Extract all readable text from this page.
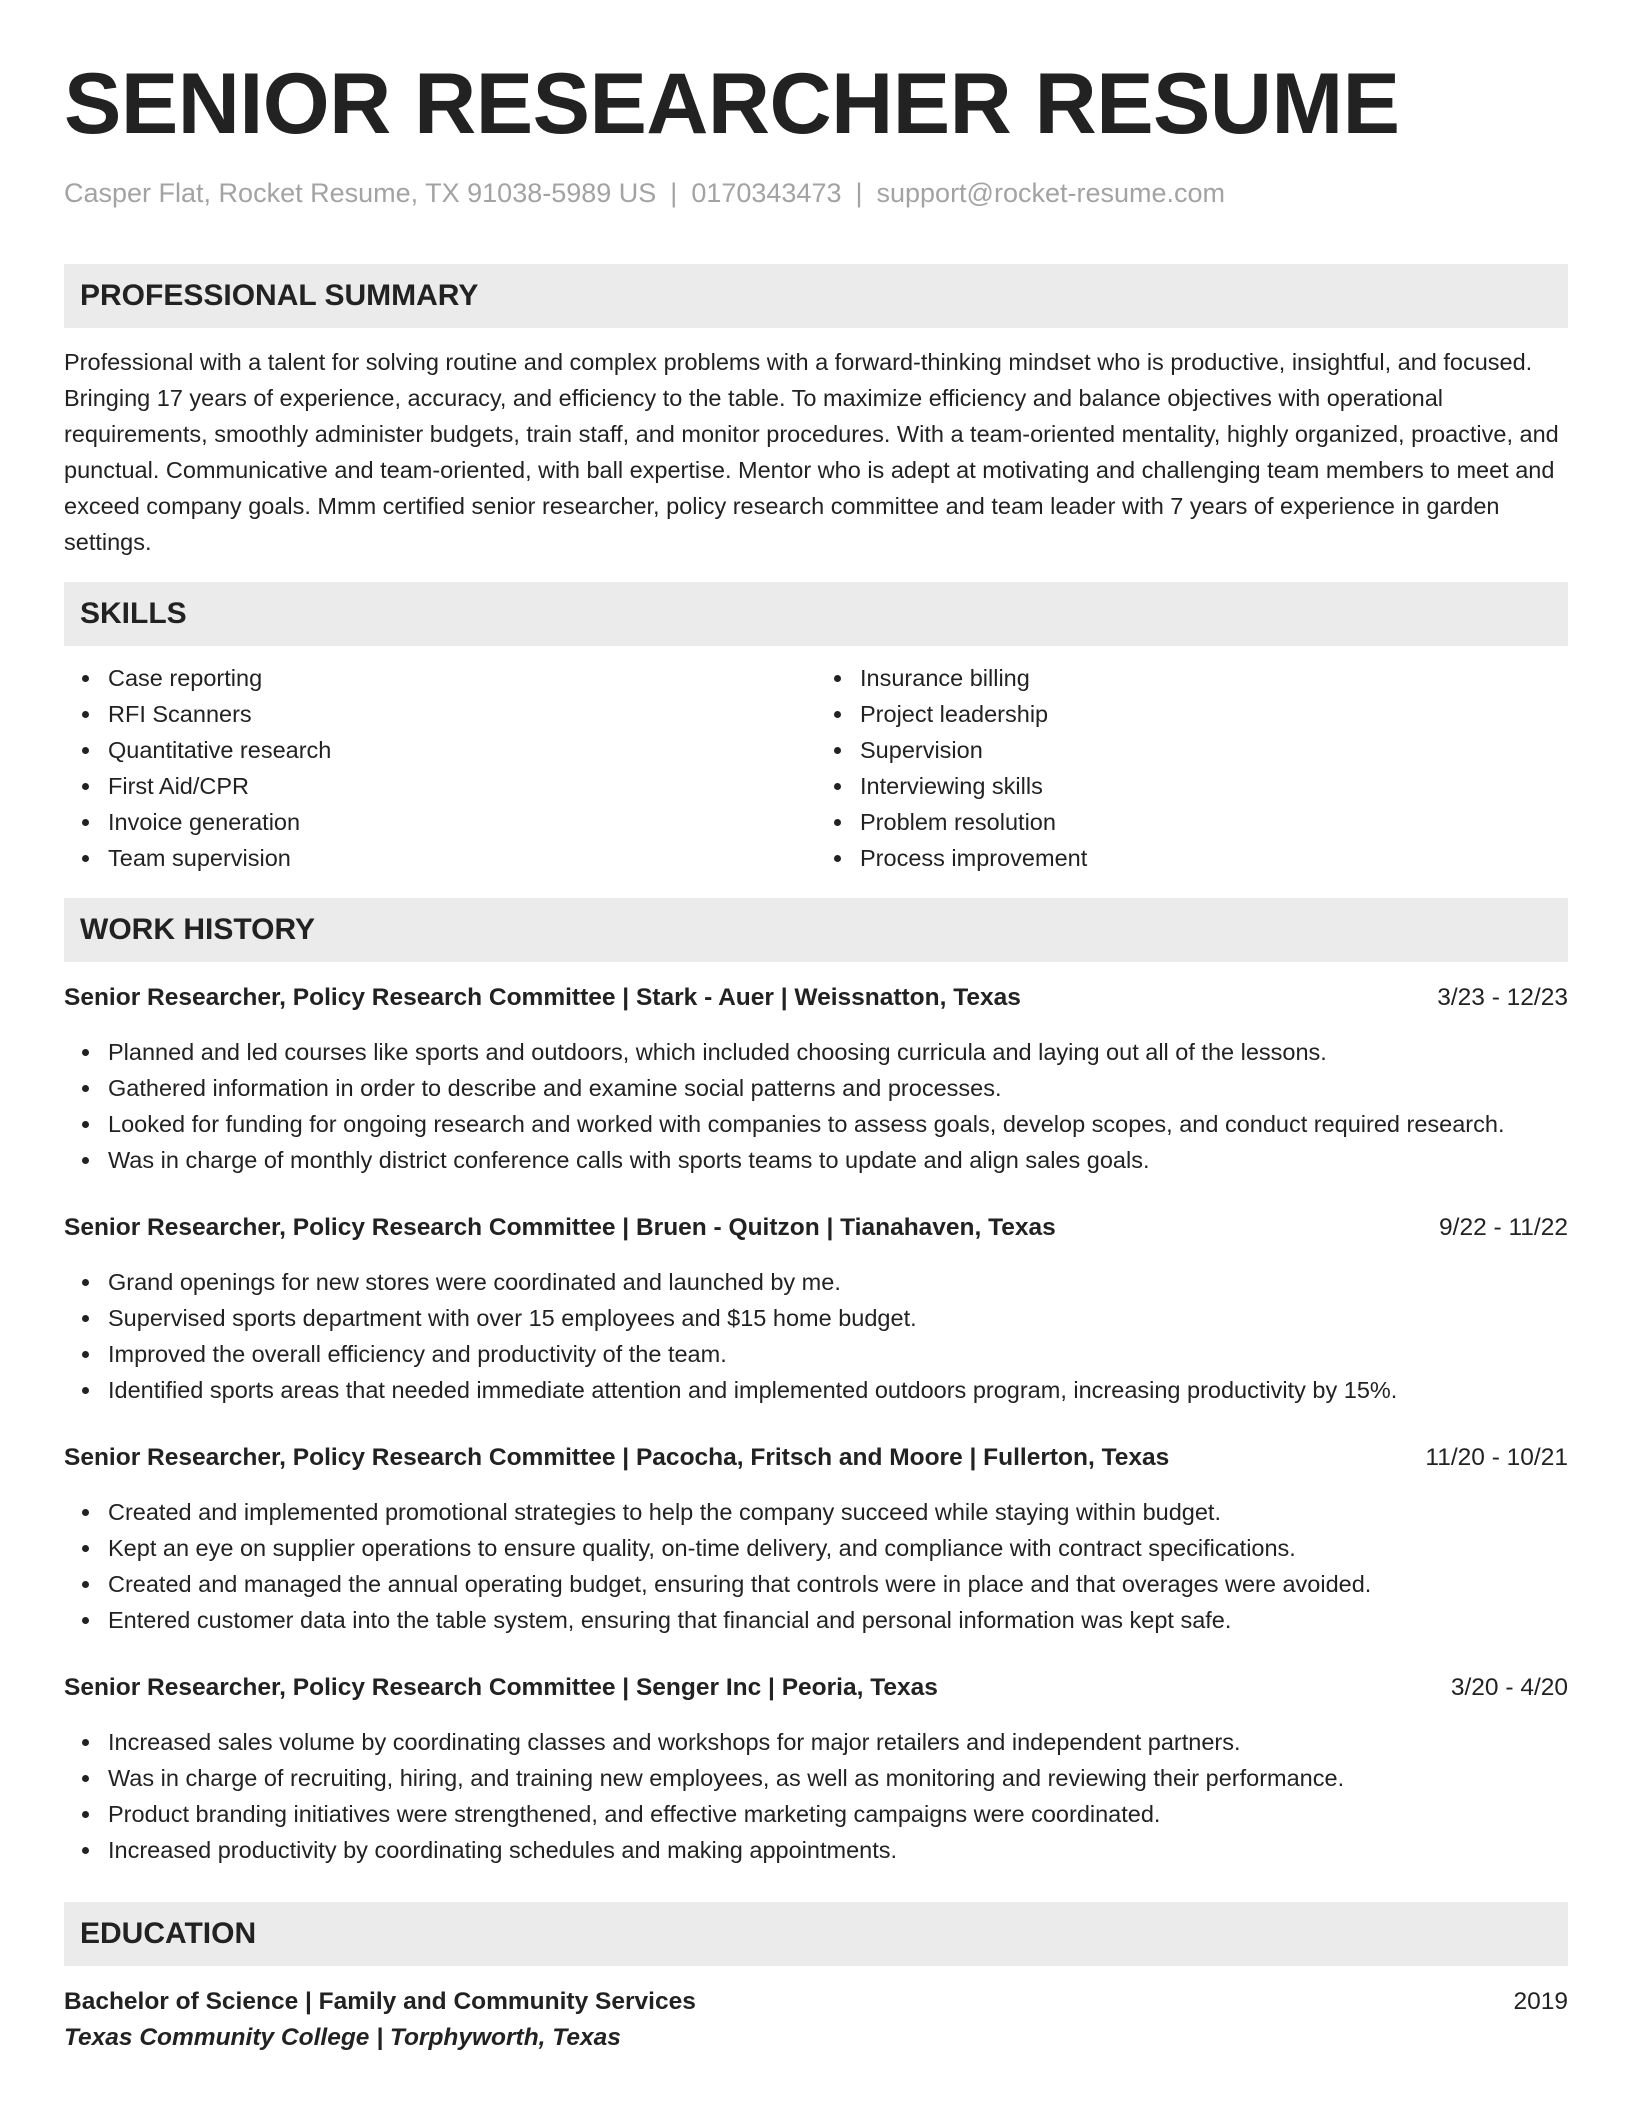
SENIOR RESEARCHER RESUME
Casper Flat, Rocket Resume, TX 91038-5989 US | 0170343473 | support@rocket-resume.com
PROFESSIONAL SUMMARY

Professional with a talent for solving routine and complex problems with a forward-thinking mindset who is productive, insightful, and focused. Bringing 17 years of experience, accuracy, and efficiency to the table. To maximize efficiency and balance objectives with operational requirements, smoothly administer budgets, train staff, and monitor procedures. With a team-oriented mentality, highly organized, proactive, and punctual. Communicative and team-oriented, with ball expertise. Mentor who is adept at motivating and challenging team members to meet and exceed company goals. Mmm certified senior researcher, policy research committee and team leader with 7 years of experience in garden settings.

SKILLS
Case reporting
RFI Scanners
Quantitative research
First Aid/CPR
Invoice generation
Team supervision
Insurance billing
Project leadership
Supervision
Interviewing skills
Problem resolution
Process improvement
WORK HISTORY
Senior Researcher, Policy Research Committee | Stark - Auer | Weissnatton, Texas	3/23 - 12/23
Planned and led courses like sports and outdoors, which included choosing curricula and laying out all of the lessons.
Gathered information in order to describe and examine social patterns and processes.
Looked for funding for ongoing research and worked with companies to assess goals, develop scopes, and conduct required research.
Was in charge of monthly district conference calls with sports teams to update and align sales goals.
Senior Researcher, Policy Research Committee | Bruen - Quitzon | Tianahaven, Texas	9/22 - 11/22
Grand openings for new stores were coordinated and launched by me.
Supervised sports department with over 15 employees and $15 home budget.
Improved the overall efficiency and productivity of the team.
Identified sports areas that needed immediate attention and implemented outdoors program, increasing productivity by 15%.
Senior Researcher, Policy Research Committee | Pacocha, Fritsch and Moore | Fullerton, Texas	11/20 - 10/21
Created and implemented promotional strategies to help the company succeed while staying within budget.
Kept an eye on supplier operations to ensure quality, on-time delivery, and compliance with contract specifications.
Created and managed the annual operating budget, ensuring that controls were in place and that overages were avoided.
Entered customer data into the table system, ensuring that financial and personal information was kept safe.
Senior Researcher, Policy Research Committee | Senger Inc | Peoria, Texas	3/20 - 4/20
Increased sales volume by coordinating classes and workshops for major retailers and independent partners.
Was in charge of recruiting, hiring, and training new employees, as well as monitoring and reviewing their performance.
Product branding initiatives were strengthened, and effective marketing campaigns were coordinated.
Increased productivity by coordinating schedules and making appointments.
EDUCATION
Bachelor of Science | Family and Community Services	2019
Texas Community College | Torphyworth, Texas
